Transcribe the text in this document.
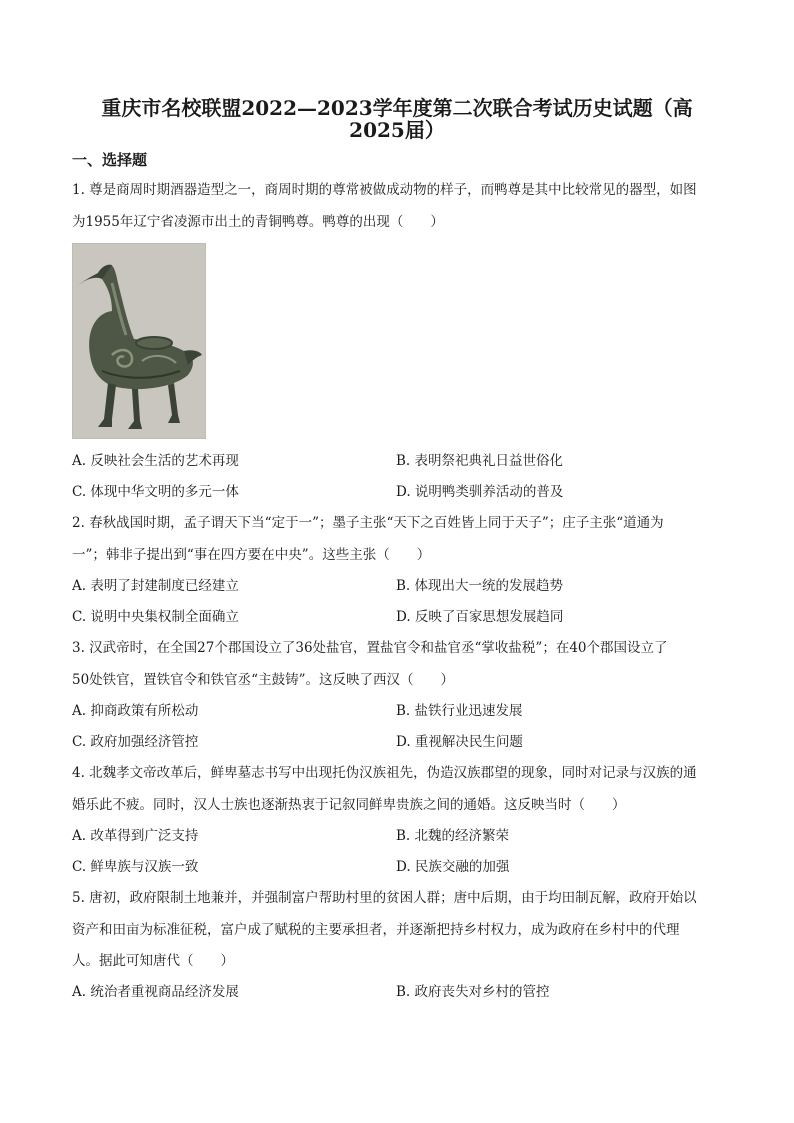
重庆市名校联盟2022—2023学年度第二次联合考试历史试题（高
2025届）
一、选择题
1. 尊是商周时期酒器造型之一，商周时期的尊常被做成动物的样子，而鸭尊是其中比较常见的器型，如图
为1955年辽宁省凌源市出土的青铜鸭尊。鸭尊的出现（　　）
A. 反映社会生活的艺术再现	B. 表明祭祀典礼日益世俗化
C. 体现中华文明的多元一体	D. 说明鸭类驯养活动的普及
2. 春秋战国时期，孟子谓天下当“定于一”；墨子主张“天下之百姓皆上同于天子”；庄子主张“道通为
一”；韩非子提出到“事在四方要在中央”。这些主张（　　）
A. 表明了封建制度已经建立	B. 体现出大一统的发展趋势
C. 说明中央集权制全面确立	D. 反映了百家思想发展趋同
3. 汉武帝时，在全国27个郡国设立了36处盐官，置盐官令和盐官丞“掌收盐税”；在40个郡国设立了
50处铁官，置铁官令和铁官丞“主鼓铸”。这反映了西汉（　　）
A. 抑商政策有所松动	B. 盐铁行业迅速发展
C. 政府加强经济管控	D. 重视解决民生问题
4. 北魏孝文帝改革后，鲜卑墓志书写中出现托伪汉族祖先，伪造汉族郡望的现象，同时对记录与汉族的通
婚乐此不疲。同时，汉人士族也逐渐热衷于记叙同鲜卑贵族之间的通婚。这反映当时（　　）
A. 改革得到广泛支持	B. 北魏的经济繁荣
C. 鲜卑族与汉族一致	D. 民族交融的加强
5. 唐初，政府限制土地兼并，并强制富户帮助村里的贫困人群；唐中后期，由于均田制瓦解，政府开始以
资产和田亩为标准征税，富户成了赋税的主要承担者，并逐渐把持乡村权力，成为政府在乡村中的代理
人。据此可知唐代（　　）
A. 统治者重视商品经济发展	B. 政府丧失对乡村的管控
